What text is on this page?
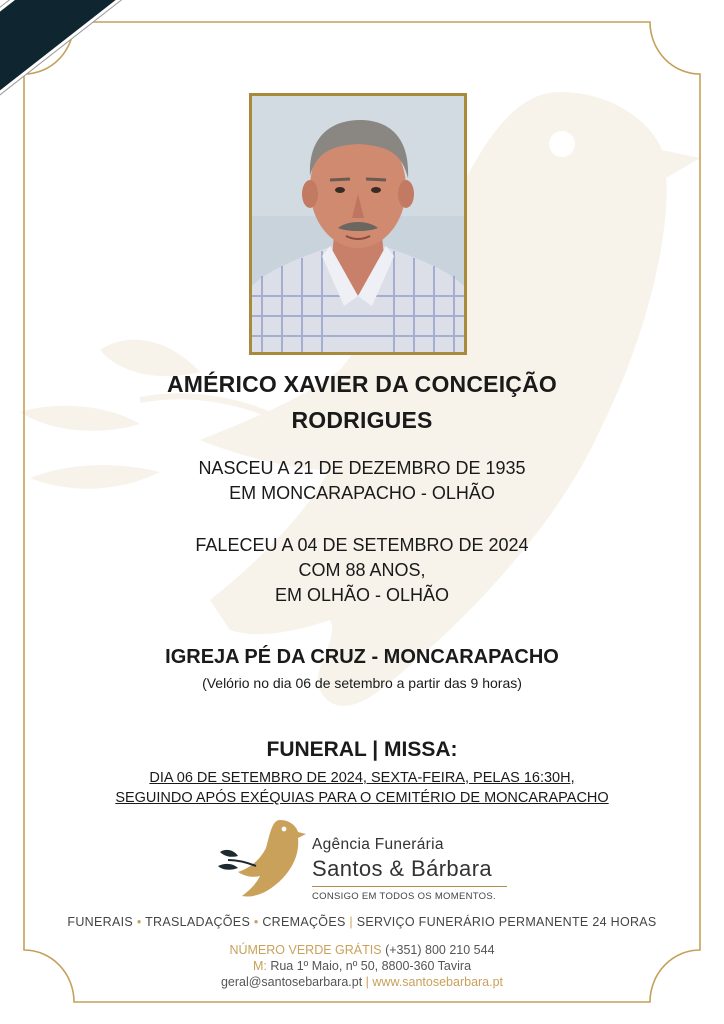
AMÉRICO XAVIER DA CONCEIÇÃO
RODRIGUES
NASCEU A 21 DE DEZEMBRO DE 1935
EM MONCARAPACHO - OLHÃO
FALECEU A 04 DE SETEMBRO DE 2024
COM 88 ANOS,
EM OLHÃO - OLHÃO
IGREJA PÉ DA CRUZ - MONCARAPACHO
(Velório no dia 06 de setembro a partir das 9 horas)
FUNERAL | MISSA:
DIA 06 DE SETEMBRO DE 2024, SEXTA-FEIRA, PELAS 16:30H,
SEGUINDO APÓS EXÉQUIAS PARA O CEMITÉRIO DE MONCARAPACHO
Agência Funerária
Santos & Bárbara
CONSIGO EM TODOS OS MOMENTOS.
FUNERAIS • TRASLADAÇÕES • CREMAÇÕES | SERVIÇO FUNERÁRIO PERMANENTE 24 HORAS
NÚMERO VERDE GRÁTIS (+351) 800 210 544
M: Rua 1º Maio, nº 50, 8800-360 Tavira
geral@santosebarbara.pt | www.santosebarbara.pt
